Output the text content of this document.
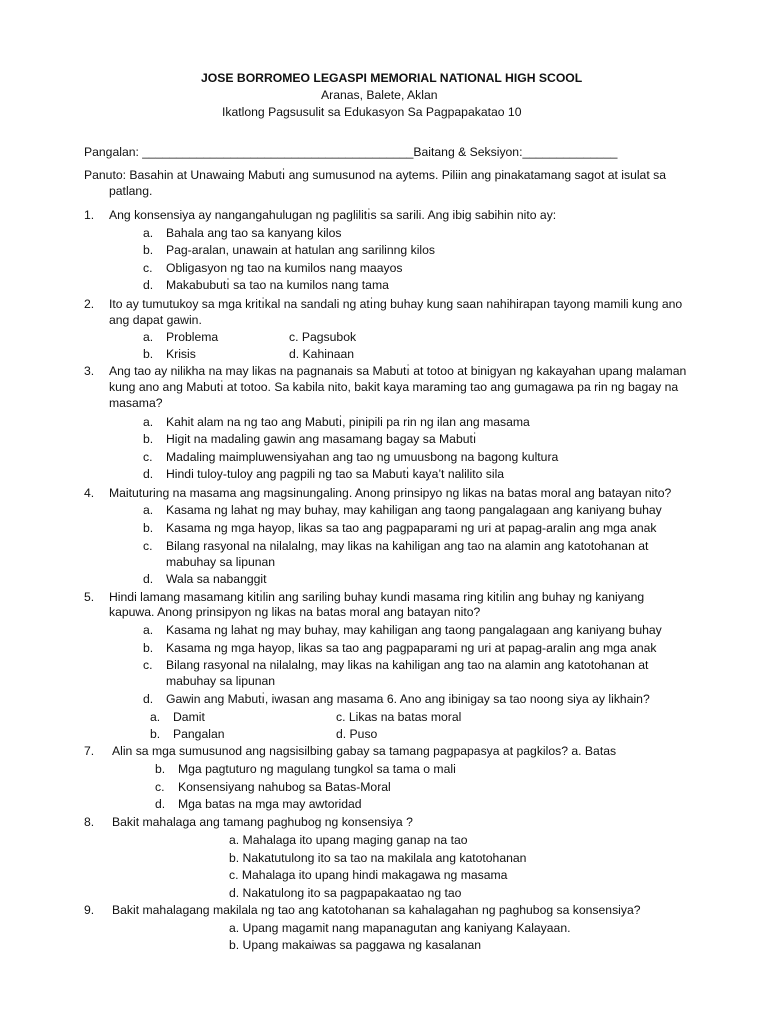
JOSE BORROMEO LEGASPI MEMORIAL NATIONAL HIGH SCOOL
Aranas, Balete, Aklan
Ikatlong Pagsusulit sa Edukasyon Sa Pagpapakatao 10
Pangalan: ________________________________________Baitang & Seksiyon:______________
Panuto: Basahin at Unawaing Mabutı̇ ang sumusunod na aytems. Piliin ang pinakatamang sagot at isulat sa
patlang.
1. Ang konsensiya ay nangangahulugan ng paglilitı̇s sa sarili. Ang ibig sabihin nito ay:
a. Bahala ang tao sa kanyang kilos
b. Pag-aralan, unawain at hatulan ang sarilinng kilos
c. Obligasyon ng tao na kumilos nang maayos
d. Makabubutı̇ sa tao na kumilos nang tama
2. Ito ay tumutukoy sa mga kritı̇kal na sandali ng atı̇ng buhay kung saan nahihirapan tayong mamili kung ano
ang dapat gawin.
a. Problema	c. Pagsubok
b. Krisis	d. Kahinaan
3. Ang tao ay nilikha na may likas na pagnanais sa Mabutı̇ at totoo at binigyan ng kakayahan upang malaman
kung ano ang Mabutı̇ at totoo. Sa kabila nito, bakit kaya maraming tao ang gumagawa pa rin ng bagay na
masama?
a. Kahit alam na ng tao ang Mabutı̇, pinipili pa rin ng ilan ang masama
b. Higit na madaling gawin ang masamang bagay sa Mabutı̇
c. Madaling maimpluwensiyahan ang tao ng umuusbong na bagong kultura
d. Hindi tuloy-tuloy ang pagpili ng tao sa Mabutı̇ kaya’t nalilito sila
4. Maituturing na masama ang magsinungaling. Anong prinsipyo ng likas na batas moral ang batayan nito?
a. Kasama ng lahat ng may buhay, may kahiligan ang taong pangalagaan ang kaniyang buhay
b. Kasama ng mga hayop, likas sa tao ang pagpaparami ng uri at papag-aralin ang mga anak
c. Bilang rasyonal na nilalalng, may likas na kahiligan ang tao na alamin ang katotohanan at
mabuhay sa lipunan
d. Wala sa nabanggit
5. Hindi lamang masamang kitı̇lin ang sariling buhay kundi masama ring kitı̇lin ang buhay ng kaniyang
kapuwa. Anong prinsipyon ng likas na batas moral ang batayan nito?
a. Kasama ng lahat ng may buhay, may kahiligan ang taong pangalagaan ang kaniyang buhay
b. Kasama ng mga hayop, likas sa tao ang pagpaparami ng uri at papag-aralin ang mga anak
c. Bilang rasyonal na nilalalng, may likas na kahiligan ang tao na alamin ang katotohanan at
mabuhay sa lipunan
d. Gawin ang Mabutı̇, iwasan ang masama 6. Ano ang ibinigay sa tao noong siya ay likhain?
a. Damit	c. Likas na batas moral
b. Pangalan	d. Puso
7. Alin sa mga sumusunod ang nagsisilbing gabay sa tamang pagpapasya at pagkilos? a. Batas
b. Mga pagtuturo ng magulang tungkol sa tama o mali
c. Konsensiyang nahubog sa Batas-Moral
d. Mga batas na mga may awtoridad
8. Bakit mahalaga ang tamang paghubog ng konsensiya ?
a. Mahalaga ito upang maging ganap na tao
b. Nakatutulong ito sa tao na makilala ang katotohanan
c. Mahalaga ito upang hindi makagawa ng masama
d. Nakatulong ito sa pagpapakaatao ng tao
9. Bakit mahalagang makilala ng tao ang katotohanan sa kahalagahan ng paghubog sa konsensiya?
a. Upang magamit nang mapanagutan ang kaniyang Kalayaan.
b. Upang makaiwas sa paggawa ng kasalanan
